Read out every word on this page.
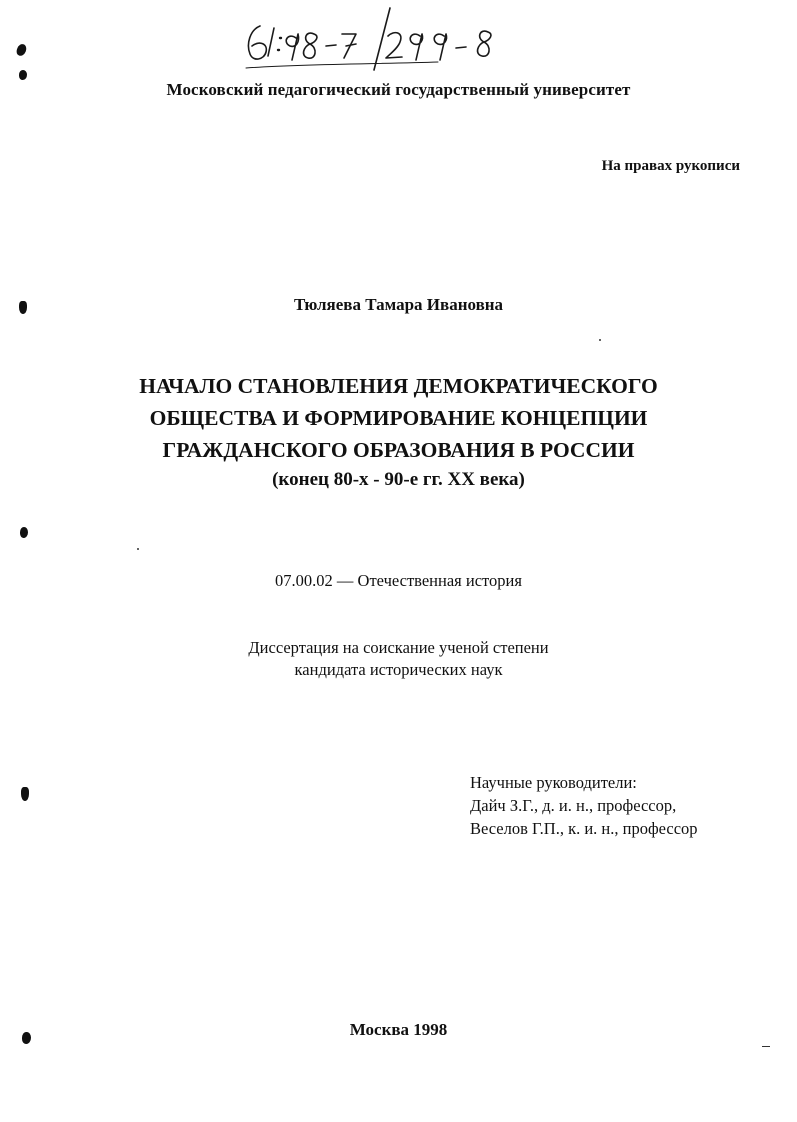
Московский педагогический государственный университет
На правах рукописи
Тюляева Тамара Ивановна
НАЧАЛО СТАНОВЛЕНИЯ ДЕМОКРАТИЧЕСКОГО
ОБЩЕСТВА И ФОРМИРОВАНИЕ КОНЦЕПЦИИ
ГРАЖДАНСКОГО ОБРАЗОВАНИЯ В РОССИИ
(конец 80-х - 90-е гг. XX века)
07.00.02 — Отечественная история
Диссертация на соискание ученой степени
кандидата исторических наук
Научные руководители:
Дайч З.Г., д. и. н., профессор,
Веселов Г.П., к. и. н., профессор
Москва 1998
